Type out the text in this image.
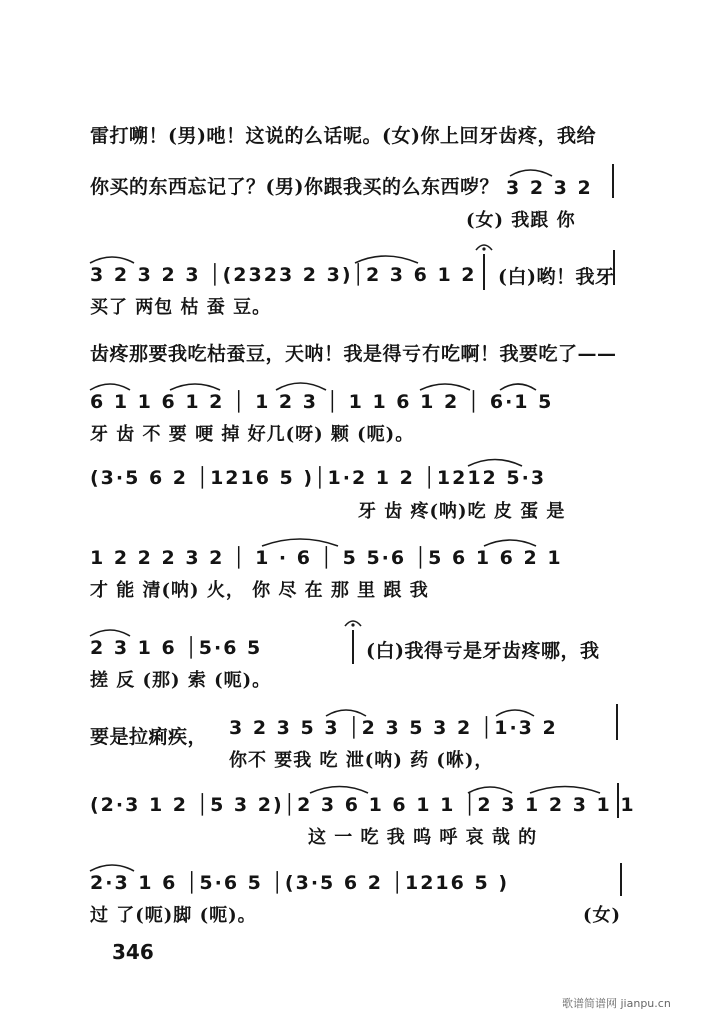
雷打嗍！(男)吔！这说的么话呢。(女)你上回牙齿疼，我给
你买的东西忘记了？(男)你跟我买的么东西哕？
齿疼那要我吃枯蚕豆，天呐！我是得亏冇吃啊！我要吃了——
要是拉痢疾，
3 2 3 2
(女) 我跟 你
3 2 3 2 3 │(2323 2 3)│2 3 6 1 2
买了 两包 枯 蚕 豆。
(白)哟！我牙
6 1 1 6 1 2 │ 1 2 3 │ 1 1 6 1 2 │ 6·1 5
牙 齿 不 要 哽 掉 好几(呀) 颗 (呃)。
(3·5 6 2 │1216 5 )│1·2 1 2 │1212 5·3
牙 齿 疼(呐)吃 皮 蛋 是
1 2 2 2 3 2 │ 1 · 6 │ 5 5·6 │5 6 1 6 2 1
才 能 清(呐) 火， 你 尽 在 那 里 跟 我
2 3 1 6 │5·6 5
搓 反 (那) 索 (呃)。
(白)我得亏是牙齿疼哪，我
3 2 3 5 3 │2 3 5 3 2 │1·3 2
你不 要我 吃 泄(呐) 药 (咻)，
(2·3 1 2 │5 3 2)│2 3 6 1 6 1 1 │2 3 1 2 3 1 1
这 一 吃 我 呜 呼 哀 哉 的
2·3 1 6 │5·6 5 │(3·5 6 2 │1216 5 )
过 了(呃)脚 (呃)。	(女)
346
歌谱简谱网 jianpu.cn
